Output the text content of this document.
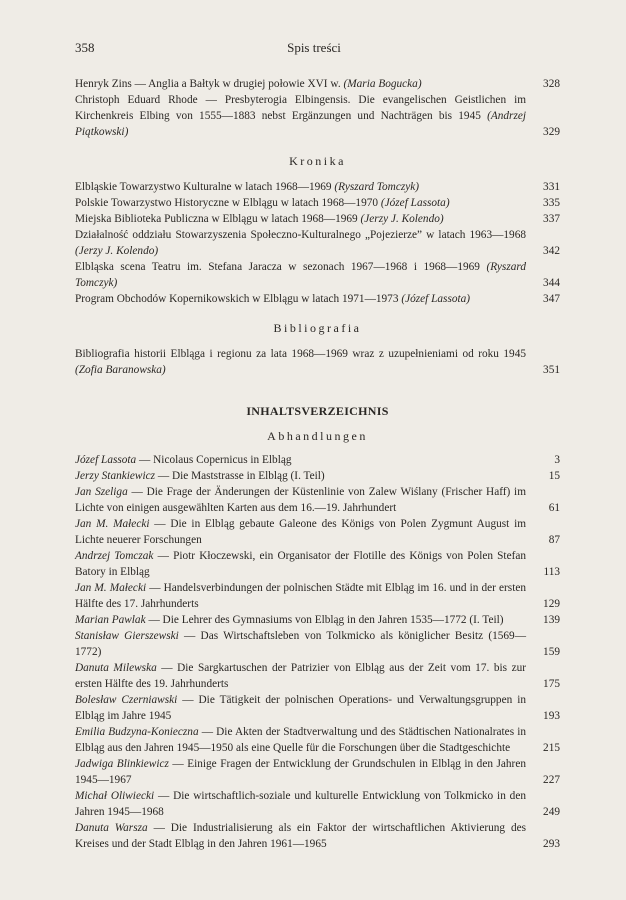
358	Spis treści
Henryk Zins — Anglia a Bałtyk w drugiej połowie XVI w. (Maria Bogucka)	328
Christoph Eduard Rhode — Presbyterogia Elbingensis. Die evangelischen Geistlichen im Kirchenkreis Elbing von 1555—1883 nebst Ergänzungen und Nachträgen bis 1945 (Andrzej Piątkowski)	329

Kronika

Elbląskie Towarzystwo Kulturalne w latach 1968—1969 (Ryszard Tomczyk)	331
Polskie Towarzystwo Historyczne w Elblągu w latach 1968—1970 (Józef Lassota)	335
Miejska Biblioteka Publiczna w Elblągu w latach 1968—1969 (Jerzy J. Kolendo)	337
Działalność oddziału Stowarzyszenia Społeczno-Kulturalnego „Pojezierze” w latach 1963—1968 (Jerzy J. Kolendo)	342
Elbląska scena Teatru im. Stefana Jaracza w sezonach 1967—1968 i 1968—1969 (Ryszard Tomczyk)	344
Program Obchodów Kopernikowskich w Elblągu w latach 1971—1973 (Józef Lassota)	347

Bibliografia

Bibliografia historii Elbląga i regionu za lata 1968—1969 wraz z uzupełnieniami od roku 1945 (Zofia Baranowska)	351

INHALTSVERZEICHNIS

Abhandlungen

Józef Lassota — Nicolaus Copernicus in Elbląg	3
Jerzy Stankiewicz — Die Maststrasse in Elbląg (I. Teil)	15
Jan Szeliga — Die Frage der Änderungen der Küstenlinie von Zalew Wiślany (Frischer Haff) im Lichte von einigen ausgewählten Karten aus dem 16.—19. Jahrhundert	61
Jan M. Małecki — Die in Elbląg gebaute Galeone des Königs von Polen Zygmunt August im Lichte neuerer Forschungen	87
Andrzej Tomczak — Piotr Kłoczewski, ein Organisator der Flotille des Königs von Polen Stefan Batory in Elbląg	113
Jan M. Małecki — Handelsverbindungen der polnischen Städte mit Elbląg im 16. und in der ersten Hälfte des 17. Jahrhunderts	129
Marian Pawlak — Die Lehrer des Gymnasiums von Elbląg in den Jahren 1535—1772 (I. Teil)	139
Stanisław Gierszewski — Das Wirtschaftsleben von Tolkmicko als königlicher Besitz (1569—1772)	159
Danuta Milewska — Die Sargkartuschen der Patrizier von Elbląg aus der Zeit vom 17. bis zur ersten Hälfte des 19. Jahrhunderts	175
Bolesław Czerniawski — Die Tätigkeit der polnischen Operations- und Verwaltungsgruppen in Elbląg im Jahre 1945	193
Emilia Budzyna-Konieczna — Die Akten der Stadtverwaltung und des Städtischen Nationalrates in Elbląg aus den Jahren 1945—1950 als eine Quelle für die Forschungen über die Stadtgeschichte	215
Jadwiga Blinkiewicz — Einige Fragen der Entwicklung der Grundschulen in Elbląg in den Jahren 1945—1967	227
Michał Oliwiecki — Die wirtschaftlich-soziale und kulturelle Entwicklung von Tolkmicko in den Jahren 1945—1968	249
Danuta Warsza — Die Industrialisierung als ein Faktor der wirtschaftlichen Aktivierung des Kreises und der Stadt Elbląg in den Jahren 1961—1965	293
